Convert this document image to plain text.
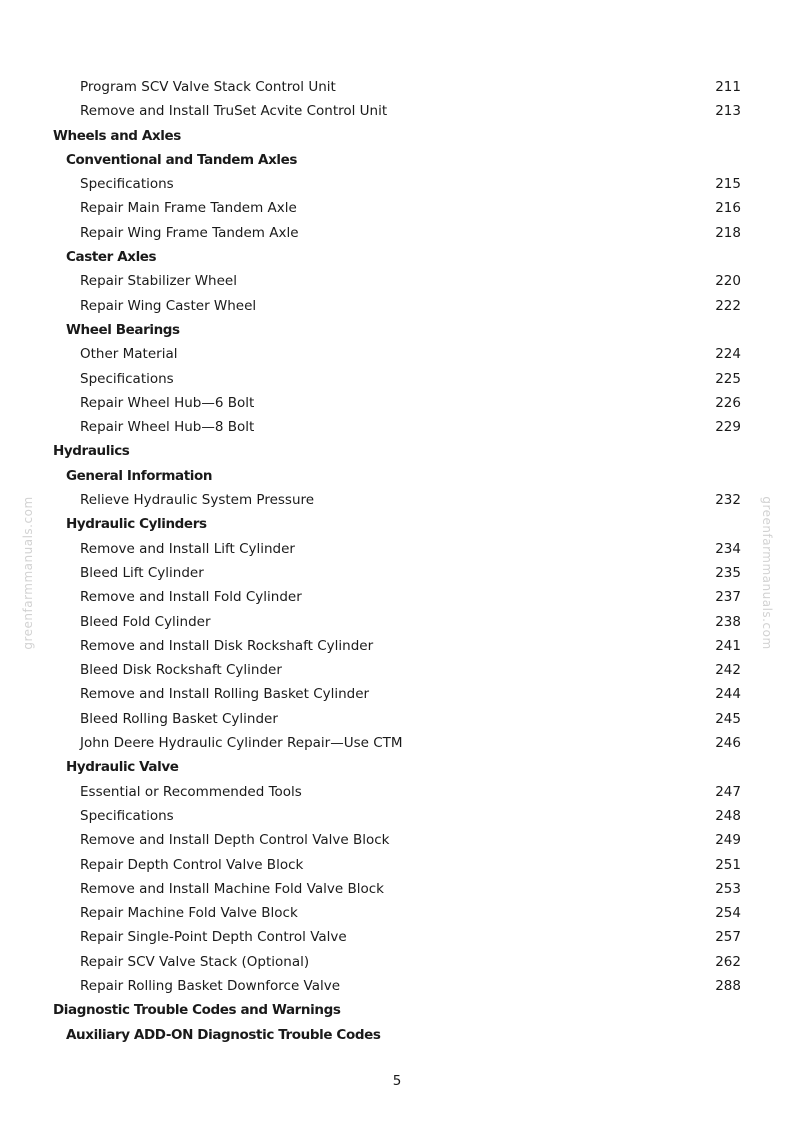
Program SCV Valve Stack Control Unit	211
Remove and Install TruSet Acvite Control Unit	213
Wheels and Axles
Conventional and Tandem Axles
Specifications	215
Repair Main Frame Tandem Axle	216
Repair Wing Frame Tandem Axle	218
Caster Axles
Repair Stabilizer Wheel	220
Repair Wing Caster Wheel	222
Wheel Bearings
Other Material	224
Specifications	225
Repair Wheel Hub—6 Bolt	226
Repair Wheel Hub—8 Bolt	229
Hydraulics
General Information
Relieve Hydraulic System Pressure	232
Hydraulic Cylinders
Remove and Install Lift Cylinder	234
Bleed Lift Cylinder	235
Remove and Install Fold Cylinder	237
Bleed Fold Cylinder	238
Remove and Install Disk Rockshaft Cylinder	241
Bleed Disk Rockshaft Cylinder	242
Remove and Install Rolling Basket Cylinder	244
Bleed Rolling Basket Cylinder	245
John Deere Hydraulic Cylinder Repair—Use CTM	246
Hydraulic Valve
Essential or Recommended Tools	247
Specifications	248
Remove and Install Depth Control Valve Block	249
Repair Depth Control Valve Block	251
Remove and Install Machine Fold Valve Block	253
Repair Machine Fold Valve Block	254
Repair Single-Point Depth Control Valve	257
Repair SCV Valve Stack (Optional)	262
Repair Rolling Basket Downforce Valve	288
Diagnostic Trouble Codes and Warnings
Auxiliary ADD-ON Diagnostic Trouble Codes
greenfarmmanuals.com	greenfarmmanuals.com
5
